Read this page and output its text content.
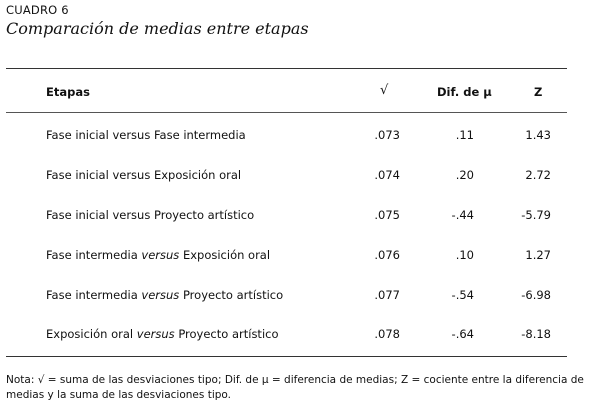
CUADRO 6
Comparación de medias entre etapas
Etapas	√	Dif. de μ	Z
Fase inicial versus Fase intermedia	.073	.11	1.43
Fase inicial versus Exposición oral	.074	.20	2.72
Fase inicial versus Proyecto artístico	.075	-.44	-5.79
Fase intermedia versus Exposición oral	.076	.10	1.27
Fase intermedia versus Proyecto artístico	.077	-.54	-6.98
Exposición oral versus Proyecto artístico	.078	-.64	-8.18
Nota: √ = suma de las desviaciones tipo; Dif. de μ = diferencia de medias; Z = cociente entre la diferencia de
medias y la suma de las desviaciones tipo.
